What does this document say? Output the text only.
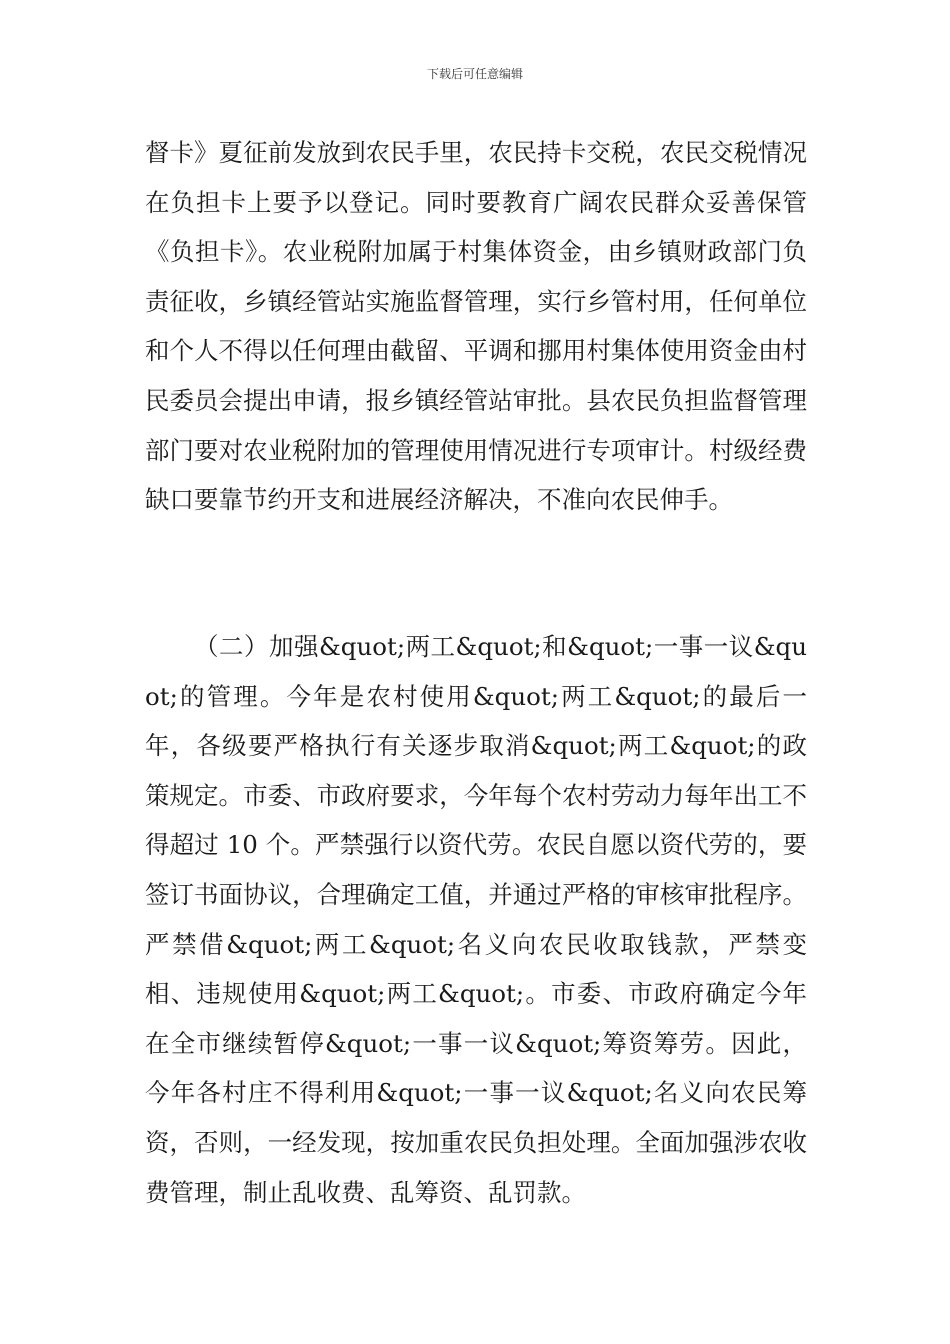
下载后可任意编辑

督卡》夏征前发放到农民手里，农民持卡交税，农民交税情况在负担卡上要予以登记。同时要教育广阔农民群众妥善保管《负担卡》。农业税附加属于村集体资金，由乡镇财政部门负责征收，乡镇经管站实施监督管理，实行乡管村用，任何单位和个人不得以任何理由截留、平调和挪用村集体使用资金由村民委员会提出申请，报乡镇经管站审批。县农民负担监督管理部门要对农业税附加的管理使用情况进行专项审计。村级经费缺口要靠节约开支和进展经济解决，不准向农民伸手。

（二）加强&quot;两工&quot;和&quot;一事一议&quot;的管理。今年是农村使用&quot;两工&quot;的最后一年，各级要严格执行有关逐步取消&quot;两工&quot;的政策规定。市委、市政府要求，今年每个农村劳动力每年出工不得超过 10 个。严禁强行以资代劳。农民自愿以资代劳的，要签订书面协议，合理确定工值，并通过严格的审核审批程序。严禁借&quot;两工&quot;名义向农民收取钱款，严禁变相、违规使用&quot;两工&quot;。市委、市政府确定今年在全市继续暂停&quot;一事一议&quot;筹资筹劳。因此，今年各村庄不得利用&quot;一事一议&quot;名义向农民筹资，否则，一经发现，按加重农民负担处理。全面加强涉农收费管理，制止乱收费、乱筹资、乱罚款。
